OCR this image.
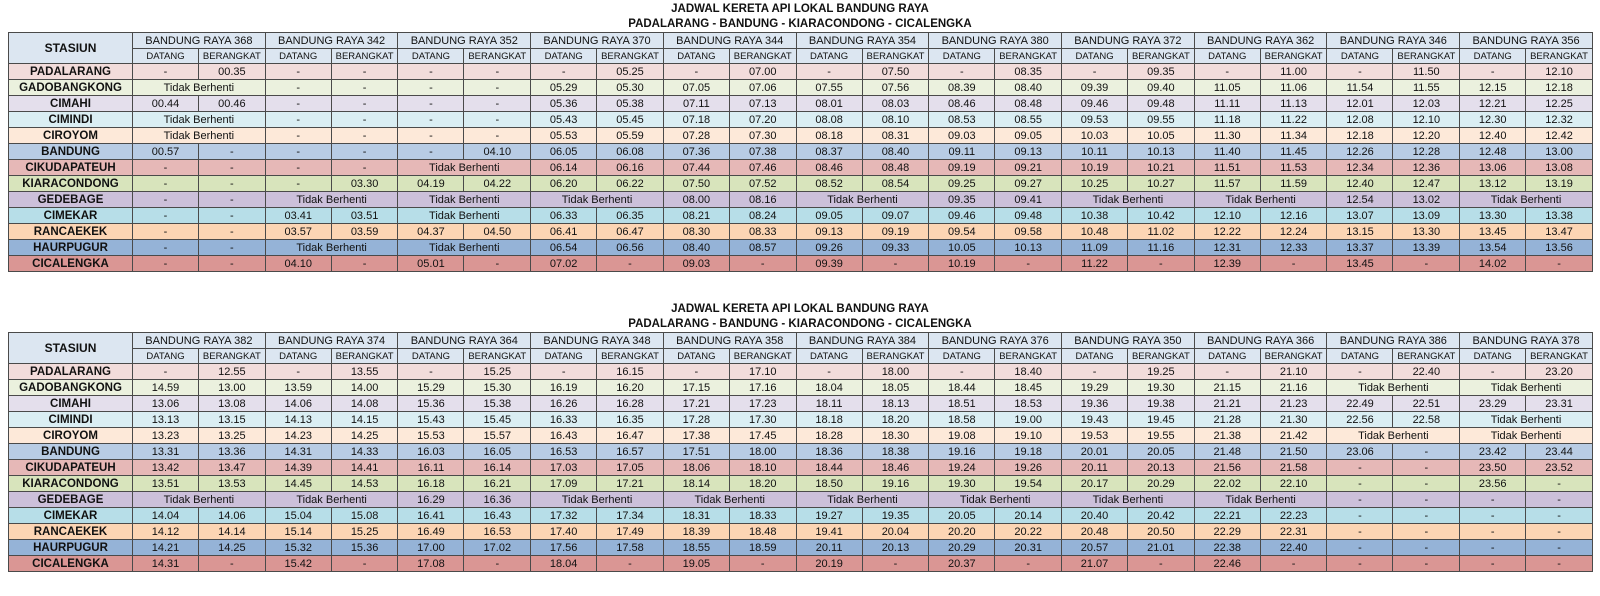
JADWAL KERETA API LOKAL BANDUNG RAYA
PADALARANG - BANDUNG - KIARACONDONG - CICALENGKA
STASIUN	BANDUNG RAYA 368		BANDUNG RAYA 342		BANDUNG RAYA 352		BANDUNG RAYA 370		BANDUNG RAYA 344		BANDUNG RAYA 354		BANDUNG RAYA 380		BANDUNG RAYA 372		BANDUNG RAYA 362		BANDUNG RAYA 346		BANDUNG RAYA 356	
	DATANG	BERANGKAT	DATANG	BERANGKAT	DATANG	BERANGKAT	DATANG	BERANGKAT	DATANG	BERANGKAT	DATANG	BERANGKAT	DATANG	BERANGKAT	DATANG	BERANGKAT	DATANG	BERANGKAT	DATANG	BERANGKAT	DATANG	BERANGKAT
PADALARANG	-	00.35	-	-	-	-	-	05.25	-	07.00	-	07.50	-	08.35	-	09.35	-	11.00	-	11.50	-	12.10
GADOBANGKONG	Tidak Berhenti		-	-	-	-	05.29	05.30	07.05	07.06	07.55	07.56	08.39	08.40	09.39	09.40	11.05	11.06	11.54	11.55	12.15	12.18
CIMAHI	00.44	00.46	-	-	-	-	05.36	05.38	07.11	07.13	08.01	08.03	08.46	08.48	09.46	09.48	11.11	11.13	12.01	12.03	12.21	12.25
CIMINDI	Tidak Berhenti		-	-	-	-	05.43	05.45	07.18	07.20	08.08	08.10	08.53	08.55	09.53	09.55	11.18	11.22	12.08	12.10	12.30	12.32
CIROYOM	Tidak Berhenti		-	-	-	-	05.53	05.59	07.28	07.30	08.18	08.31	09.03	09.05	10.03	10.05	11.30	11.34	12.18	12.20	12.40	12.42
BANDUNG	00.57	-	-	-	-	04.10	06.05	06.08	07.36	07.38	08.37	08.40	09.11	09.13	10.11	10.13	11.40	11.45	12.26	12.28	12.48	13.00
CIKUDAPATEUH	-	-	-	-	Tidak Berhenti		06.14	06.16	07.44	07.46	08.46	08.48	09.19	09.21	10.19	10.21	11.51	11.53	12.34	12.36	13.06	13.08
KIARACONDONG	-	-	-	03.30	04.19	04.22	06.20	06.22	07.50	07.52	08.52	08.54	09.25	09.27	10.25	10.27	11.57	11.59	12.40	12.47	13.12	13.19
GEDEBAGE	-	-	Tidak Berhenti		Tidak Berhenti		Tidak Berhenti		08.00	08.16	Tidak Berhenti		09.35	09.41	Tidak Berhenti		Tidak Berhenti		12.54	13.02	Tidak Berhenti	
CIMEKAR	-	-	03.41	03.51	Tidak Berhenti		06.33	06.35	08.21	08.24	09.05	09.07	09.46	09.48	10.38	10.42	12.10	12.16	13.07	13.09	13.30	13.38
RANCAEKEK	-	-	03.57	03.59	04.37	04.50	06.41	06.47	08.30	08.33	09.13	09.19	09.54	09.58	10.48	11.02	12.22	12.24	13.15	13.30	13.45	13.47
HAURPUGUR	-	-	Tidak Berhenti		Tidak Berhenti		06.54	06.56	08.40	08.57	09.26	09.33	10.05	10.13	11.09	11.16	12.31	12.33	13.37	13.39	13.54	13.56
CICALENGKA	-	-	04.10	-	05.01	-	07.02	-	09.03	-	09.39	-	10.19	-	11.22	-	12.39	-	13.45	-	14.02	-
JADWAL KERETA API LOKAL BANDUNG RAYA
PADALARANG - BANDUNG - KIARACONDONG - CICALENGKA
STASIUN	BANDUNG RAYA 382		BANDUNG RAYA 374		BANDUNG RAYA 364		BANDUNG RAYA 348		BANDUNG RAYA 358		BANDUNG RAYA 384		BANDUNG RAYA 376		BANDUNG RAYA 350		BANDUNG RAYA 366		BANDUNG RAYA 386		BANDUNG RAYA 378	
	DATANG	BERANGKAT	DATANG	BERANGKAT	DATANG	BERANGKAT	DATANG	BERANGKAT	DATANG	BERANGKAT	DATANG	BERANGKAT	DATANG	BERANGKAT	DATANG	BERANGKAT	DATANG	BERANGKAT	DATANG	BERANGKAT	DATANG	BERANGKAT
PADALARANG	-	12.55	-	13.55	-	15.25	-	16.15	-	17.10	-	18.00	-	18.40	-	19.25	-	21.10	-	22.40	-	23.20
GADOBANGKONG	14.59	13.00	13.59	14.00	15.29	15.30	16.19	16.20	17.15	17.16	18.04	18.05	18.44	18.45	19.29	19.30	21.15	21.16	Tidak Berhenti		Tidak Berhenti	
CIMAHI	13.06	13.08	14.06	14.08	15.36	15.38	16.26	16.28	17.21	17.23	18.11	18.13	18.51	18.53	19.36	19.38	21.21	21.23	22.49	22.51	23.29	23.31
CIMINDI	13.13	13.15	14.13	14.15	15.43	15.45	16.33	16.35	17.28	17.30	18.18	18.20	18.58	19.00	19.43	19.45	21.28	21.30	22.56	22.58	Tidak Berhenti	
CIROYOM	13.23	13.25	14.23	14.25	15.53	15.57	16.43	16.47	17.38	17.45	18.28	18.30	19.08	19.10	19.53	19.55	21.38	21.42	Tidak Berhenti		Tidak Berhenti	
BANDUNG	13.31	13.36	14.31	14.33	16.03	16.05	16.53	16.57	17.51	18.00	18.36	18.38	19.16	19.18	20.01	20.05	21.48	21.50	23.06	-	23.42	23.44
CIKUDAPATEUH	13.42	13.47	14.39	14.41	16.11	16.14	17.03	17.05	18.06	18.10	18.44	18.46	19.24	19.26	20.11	20.13	21.56	21.58	-	-	23.50	23.52
KIARACONDONG	13.51	13.53	14.45	14.53	16.18	16.21	17.09	17.21	18.14	18.20	18.50	19.16	19.30	19.54	20.17	20.29	22.02	22.10	-	-	23.56	-
GEDEBAGE	Tidak Berhenti		Tidak Berhenti		16.29	16.36	Tidak Berhenti		Tidak Berhenti		Tidak Berhenti		Tidak Berhenti		Tidak Berhenti		Tidak Berhenti		-	-	-	-
CIMEKAR	14.04	14.06	15.04	15.08	16.41	16.43	17.32	17.34	18.31	18.33	19.27	19.35	20.05	20.14	20.40	20.42	22.21	22.23	-	-	-	-
RANCAEKEK	14.12	14.14	15.14	15.25	16.49	16.53	17.40	17.49	18.39	18.48	19.41	20.04	20.20	20.22	20.48	20.50	22.29	22.31	-	-	-	-
HAURPUGUR	14.21	14.25	15.32	15.36	17.00	17.02	17.56	17.58	18.55	18.59	20.11	20.13	20.29	20.31	20.57	21.01	22.38	22.40	-	-	-	-
CICALENGKA	14.31	-	15.42	-	17.08	-	18.04	-	19.05	-	20.19	-	20.37	-	21.07	-	22.46	-	-	-	-	-
